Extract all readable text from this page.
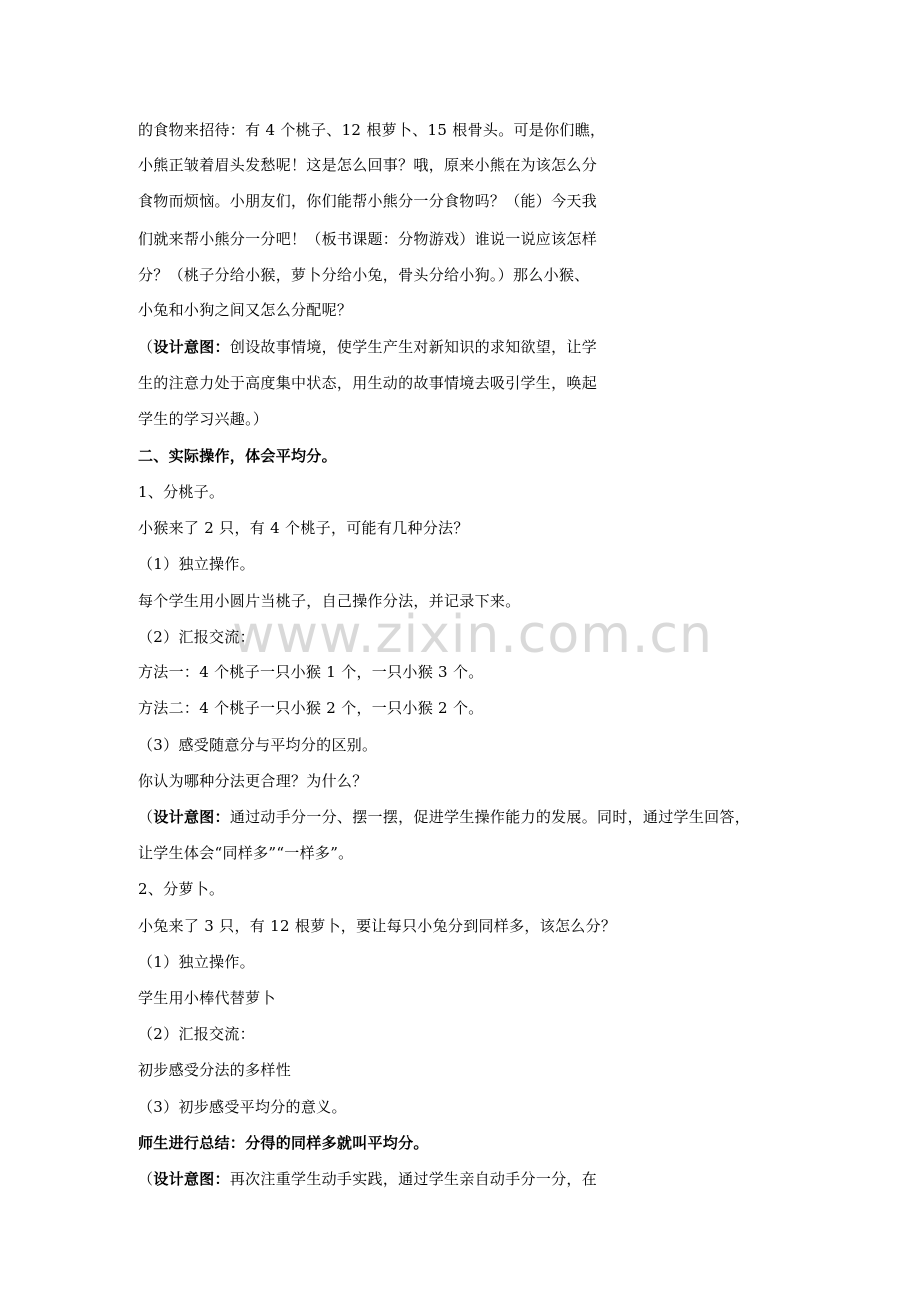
www.zixin.com.cn
的食物来招待：有 4 个桃子、12 根萝卜、15 根骨头。可是你们瞧，
小熊正皱着眉头发愁呢！这是怎么回事？哦，原来小熊在为该怎么分
食物而烦恼。小朋友们，你们能帮小熊分一分食物吗？（能）今天我
们就来帮小熊分一分吧！（板书课题：分物游戏）谁说一说应该怎样
分？（桃子分给小猴，萝卜分给小兔，骨头分给小狗。）那么小猴、
小兔和小狗之间又怎么分配呢？
（设计意图：创设故事情境，使学生产生对新知识的求知欲望，让学
生的注意力处于高度集中状态，用生动的故事情境去吸引学生，唤起
学生的学习兴趣。）
二、实际操作，体会平均分。
1、分桃子。
小猴来了 2 只，有 4 个桃子，可能有几种分法？
（1）独立操作。
每个学生用小圆片当桃子，自己操作分法，并记录下来。
（2）汇报交流：
方法一：4 个桃子一只小猴 1 个，一只小猴 3 个。
方法二：4 个桃子一只小猴 2 个，一只小猴 2 个。
（3）感受随意分与平均分的区别。
你认为哪种分法更合理？为什么？
（设计意图：通过动手分一分、摆一摆，促进学生操作能力的发展。同时，通过学生回答，
让学生体会“同样多”“一样多”。
2、分萝卜。
小兔来了 3 只，有 12 根萝卜，要让每只小兔分到同样多，该怎么分？
（1）独立操作。
学生用小棒代替萝卜
（2）汇报交流：
初步感受分法的多样性
（3）初步感受平均分的意义。
师生进行总结：分得的同样多就叫平均分。
（设计意图：再次注重学生动手实践，通过学生亲自动手分一分，在
